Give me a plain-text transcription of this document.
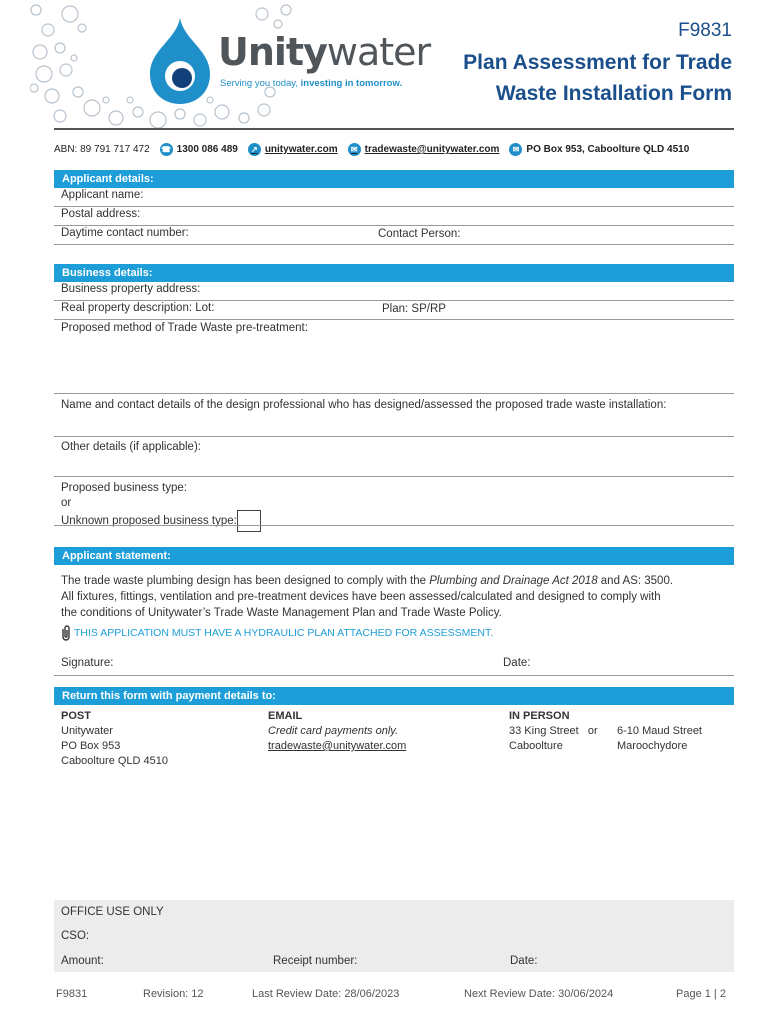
Unitywater
Serving you today, investing in tomorrow.
F9831
Plan Assessment for Trade
Waste Installation Form
ABN: 89 791 717 472 ☎ 1300 086 489	↗ unitywater.com	✉ tradewaste@unitywater.com	✉ PO Box 953, Caboolture QLD 4510
Applicant details:
Applicant name:
Postal address:
Daytime contact number:	Contact Person:
Business details:
Business property address:
Real property description: Lot:	Plan: SP/RP
Proposed method of Trade Waste pre-treatment:
Name and contact details of the design professional who has designed/assessed the proposed trade waste installation:
Other details (if applicable):
Proposed business type:
or
Unknown proposed business type:
Applicant statement:
The trade waste plumbing design has been designed to comply with the Plumbing and Drainage Act 2018 and AS: 3500.
All fixtures, fittings, ventilation and pre-treatment devices have been assessed/calculated and designed to comply with
the conditions of Unitywater’s Trade Waste Management Plan and Trade Waste Policy.
THIS APPLICATION MUST HAVE A HYDRAULIC PLAN ATTACHED FOR ASSESSMENT.
Signature:	Date:
Return this form with payment details to:
POST
Unitywater
PO Box 953
Caboolture QLD 4510
EMAIL
Credit card payments only.
tradewaste@unitywater.com
IN PERSON
33 King Street or
Caboolture
6-10 Maud Street
Maroochydore
OFFICE USE ONLY
CSO:
Amount:	Receipt number:	Date:
F9831	Revision: 12	Last Review Date: 28/06/2023	Next Review Date: 30/06/2024	Page 1 | 2
